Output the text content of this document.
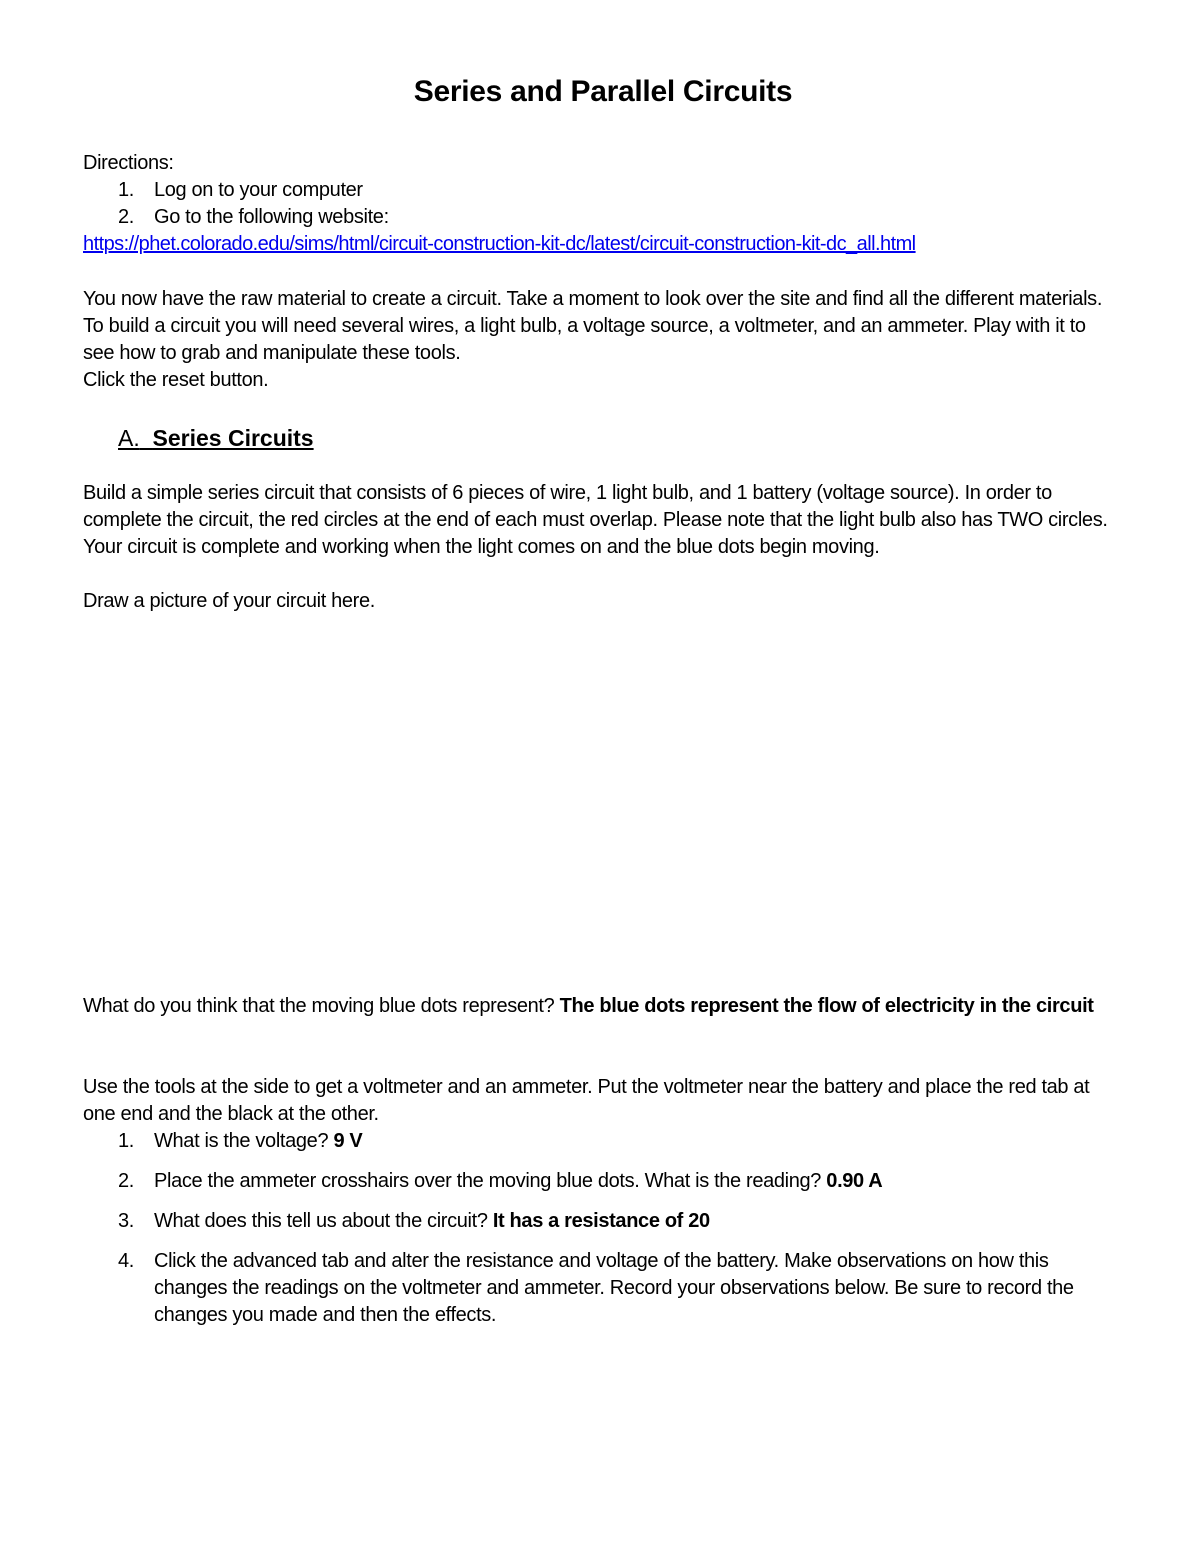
Series and Parallel Circuits
Directions:
1. Log on to your computer
2. Go to the following website:
https://phet.colorado.edu/sims/html/circuit-construction-kit-dc/latest/circuit-construction-kit-dc_all.html
You now have the raw material to create a circuit. Take a moment to look over the site and find all the different materials.
To build a circuit you will need several wires, a light bulb, a voltage source, a voltmeter, and an ammeter. Play with it to
see how to grab and manipulate these tools.
Click the reset button.
A. Series Circuits
Build a simple series circuit that consists of 6 pieces of wire, 1 light bulb, and 1 battery (voltage source). In order to
complete the circuit, the red circles at the end of each must overlap. Please note that the light bulb also has TWO circles.
Your circuit is complete and working when the light comes on and the blue dots begin moving.
Draw a picture of your circuit here.
What do you think that the moving blue dots represent? The blue dots represent the flow of electricity in the circuit
Use the tools at the side to get a voltmeter and an ammeter. Put the voltmeter near the battery and place the red tab at
one end and the black at the other.
1. What is the voltage? 9 V
2. Place the ammeter crosshairs over the moving blue dots. What is the reading? 0.90 A
3. What does this tell us about the circuit? It has a resistance of 20
4. Click the advanced tab and alter the resistance and voltage of the battery. Make observations on how this
changes the readings on the voltmeter and ammeter. Record your observations below. Be sure to record the
changes you made and then the effects.
